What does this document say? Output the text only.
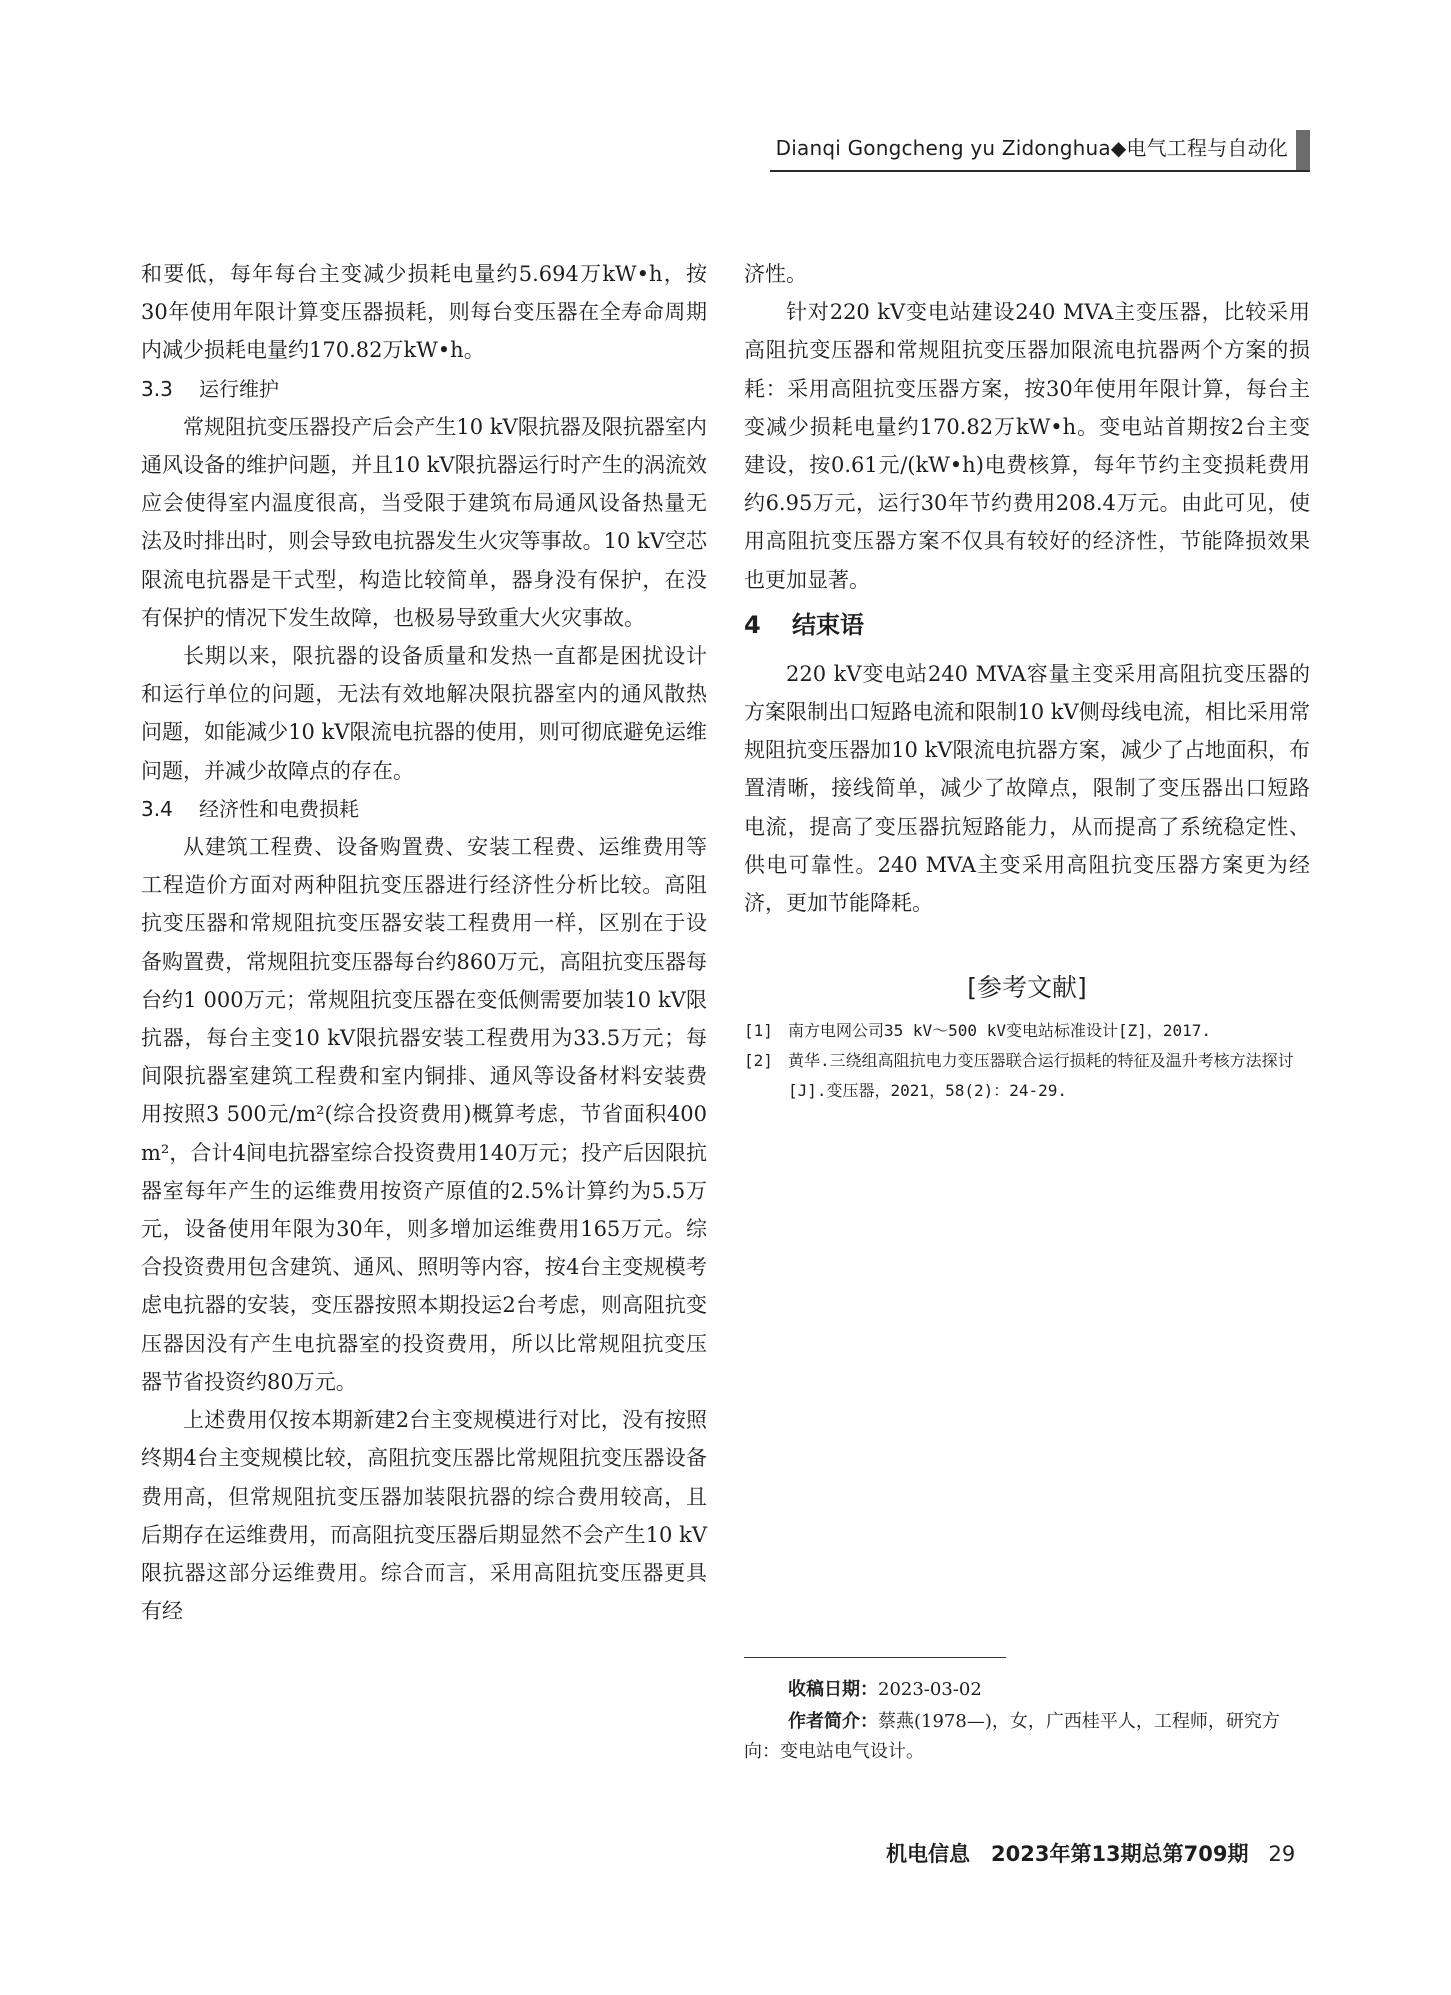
Dianqi Gongcheng yu Zidonghua◆电气工程与自动化

和要低，每年每台主变减少损耗电量约5.694万kW•h，按30年使用年限计算变压器损耗，则每台变压器在全寿命周期内减少损耗电量约170.82万kW•h。

3.3 运行维护

常规阻抗变压器投产后会产生10 kV限抗器及限抗器室内通风设备的维护问题，并且10 kV限抗器运行时产生的涡流效应会使得室内温度很高，当受限于建筑布局通风设备热量无法及时排出时，则会导致电抗器发生火灾等事故。10 kV空芯限流电抗器是干式型，构造比较简单，器身没有保护，在没有保护的情况下发生故障，也极易导致重大火灾事故。

长期以来，限抗器的设备质量和发热一直都是困扰设计和运行单位的问题，无法有效地解决限抗器室内的通风散热问题，如能减少10 kV限流电抗器的使用，则可彻底避免运维问题，并减少故障点的存在。

3.4 经济性和电费损耗

从建筑工程费、设备购置费、安装工程费、运维费用等工程造价方面对两种阻抗变压器进行经济性分析比较。高阻抗变压器和常规阻抗变压器安装工程费用一样，区别在于设备购置费，常规阻抗变压器每台约860万元，高阻抗变压器每台约1 000万元；常规阻抗变压器在变低侧需要加装10 kV限抗器，每台主变10 kV限抗器安装工程费用为33.5万元；每间限抗器室建筑工程费和室内铜排、通风等设备材料安装费用按照3 500元/m²(综合投资费用)概算考虑，节省面积400 m²，合计4间电抗器室综合投资费用140万元；投产后因限抗器室每年产生的运维费用按资产原值的2.5%计算约为5.5万元，设备使用年限为30年，则多增加运维费用165万元。综合投资费用包含建筑、通风、照明等内容，按4台主变规模考虑电抗器的安装，变压器按照本期投运2台考虑，则高阻抗变压器因没有产生电抗器室的投资费用，所以比常规阻抗变压器节省投资约80万元。

上述费用仅按本期新建2台主变规模进行对比，没有按照终期4台主变规模比较，高阻抗变压器比常规阻抗变压器设备费用高，但常规阻抗变压器加装限抗器的综合费用较高，且后期存在运维费用，而高阻抗变压器后期显然不会产生10 kV限抗器这部分运维费用。综合而言，采用高阻抗变压器更具有经

济性。

针对220 kV变电站建设240 MVA主变压器，比较采用高阻抗变压器和常规阻抗变压器加限流电抗器两个方案的损耗：采用高阻抗变压器方案，按30年使用年限计算，每台主变减少损耗电量约170.82万kW•h。变电站首期按2台主变建设，按0.61元/(kW•h)电费核算，每年节约主变损耗费用约6.95万元，运行30年节约费用208.4万元。由此可见，使用高阻抗变压器方案不仅具有较好的经济性，节能降损效果也更加显著。

4 结束语

220 kV变电站240 MVA容量主变采用高阻抗变压器的方案限制出口短路电流和限制10 kV侧母线电流，相比采用常规阻抗变压器加10 kV限流电抗器方案，减少了占地面积，布置清晰，接线简单，减少了故障点，限制了变压器出口短路电流，提高了变压器抗短路能力，从而提高了系统稳定性、供电可靠性。240 MVA主变采用高阻抗变压器方案更为经济，更加节能降耗。

[参考文献]
[1] 南方电网公司35 kV～500 kV变电站标准设计[Z]，2017.
[2] 黄华.三绕组高阻抗电力变压器联合运行损耗的特征及温升考核方法探讨[J].变压器，2021，58(2)：24-29.
收稿日期：2023-03-02
作者简介：蔡燕(1978—)，女，广西桂平人，工程师，研究方向：变电站电气设计。
机电信息　2023年第13期总第709期 29
